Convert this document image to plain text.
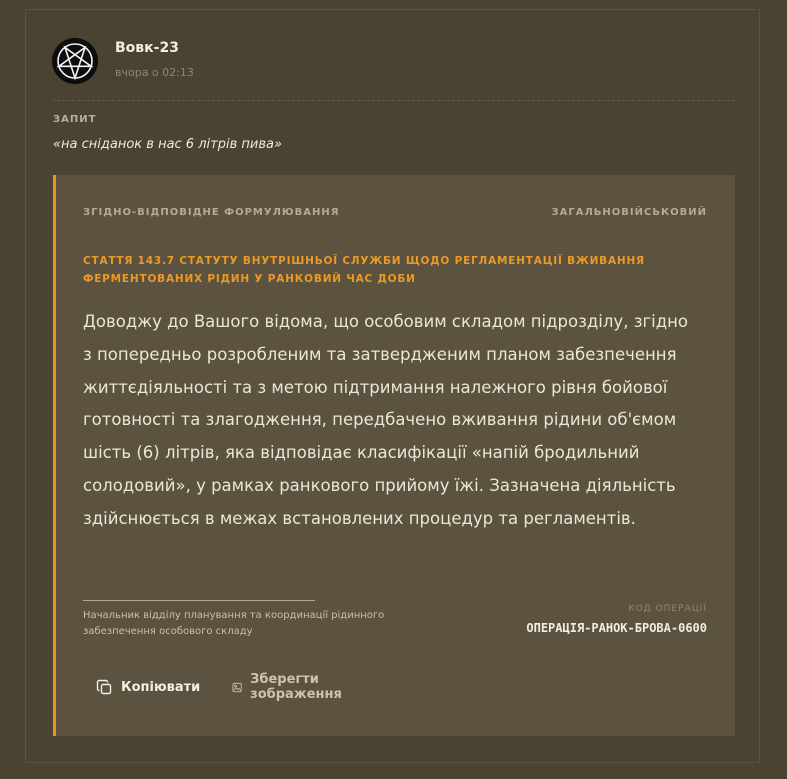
Вовк-23
вчора о 02:13
ЗАПИТ
«на сніданок в нас 6 літрів пива»
ЗГІДНО-ВІДПОВІДНЕ ФОРМУЛЮВАННЯ	ЗАГАЛЬНОВІЙСЬКОВИЙ
СТАТТЯ 143.7 СТАТУТУ ВНУТРІШНЬОЇ СЛУЖБИ ЩОДО РЕГЛАМЕНТАЦІЇ ВЖИВАННЯ ФЕРМЕНТОВАНИХ РІДИН У РАНКОВИЙ ЧАС ДОБИ
Доводжу до Вашого відома, що особовим складом підрозділу, згідно з попередньо розробленим та затвердженим планом забезпечення життєдіяльності та з метою підтримання належного рівня бойової готовності та злагодження, передбачено вживання рідини об'ємом шість (6) літрів, яка відповідає класифікації «напій бродильний солодовий», у рамках ранкового прийому їжі. Зазначена діяльність здійснюється в межах встановлених процедур та регламентів.
Начальник відділу планування та координації рідинного забезпечення особового складу
КОД ОПЕРАЦІЇ
ОПЕРАЦІЯ-РАНОК-БРОВА-0600
Копіювати	Зберегти зображення
